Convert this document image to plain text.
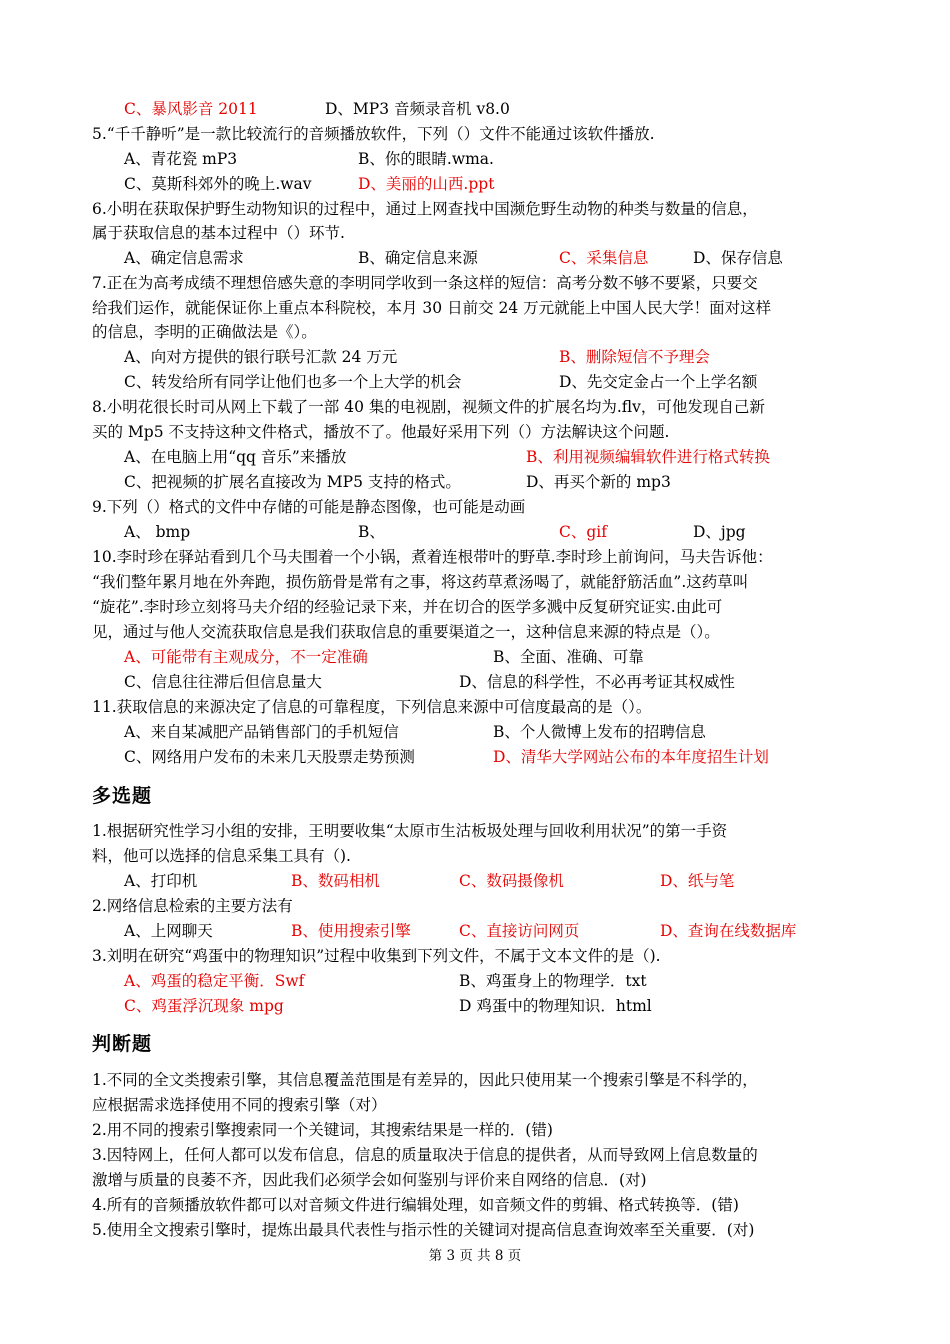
C、暴风影音 2011	D、MP3 音频录音机 v8.0
5.“千千静听”是一款比较流行的音频播放软件，下列（）文件不能通过该软件播放.
A、青花瓷 mP3	B、你的眼睛.wma.
C、莫斯科郊外的晚上.wav	D、美丽的山西.ppt
6.小明在获取保护野生动物知识的过程中，通过上网查找中国濒危野生动物的种类与数量的信息，
属于获取信息的基本过程中（）环节.
A、确定信息需求	B、确定信息来源	C、采集信息	D、保存信息
7.正在为高考成绩不理想倍感失意的李明同学收到一条这样的短信：高考分数不够不要紧，只要交
给我们运作，就能保证你上重点本科院校，本月 30 日前交 24 万元就能上中国人民大学！面对这样
的信息，李明的正确做法是《）。
A、向对方提供的银行联号汇款 24 万元	B、删除短信不予理会
C、转发给所有同学让他们也多一个上大学的机会	D、先交定金占一个上学名额
8.小明花很长时司从网上下载了一部 40 集的电视剧，视频文件的扩展名均为.flv，可他发现自己新
买的 Mp5 不支持这种文件格式，播放不了。他最好采用下列（）方法解诀这个问题.
A、在电脑上用“qq 音乐”来播放	B、利用视频编辑软件进行格式转换
C、把视频的扩展名直接改为 MP5 支持的格式。	D、再买个新的 mp3
9.下列（）格式的文件中存储的可能是静态图像，也可能是动画
A、 bmp	B、	C、gif	D、jpg
10.李时珍在驿站看到几个马夫围着一个小锅，煮着连根带叶的野草.李时珍上前询问，马夫告诉他：
“我们整年累月地在外奔跑，损伤筋骨是常有之事，将这药草煮汤喝了，就能舒筋活血”.这药草叫
“旋花”.李时珍立刻将马夫介绍的经验记录下来，并在切合的医学多溅中反复研究证实.由此可
见，通过与他人交流获取信息是我们获取信息的重要渠道之一，这种信息来源的特点是（）。
A、可能带有主观成分，不一定准确	B、全面、准确、可靠
C、信息往往滞后但信息量大	D、信息的科学性，不必再考证其权威性
11.获取信息的来源决定了信息的可靠程度，下列信息来源中可信度最高的是（）。
A、来自某减肥产品销售部门的手机短信	B、个人微博上发布的招聘信息
C、网络用户发布的未来几天股票走势预测	D、清华大学网站公布的本年度招生计划
多选题
1.根据研究性学习小组的安排，王明要收集“太原市生沽板圾处理与回收利用状况”的第一手资
料，他可以选择的信息采集工具有（).
A、打印机	B、数码相机	C、数码摄像机	D、纸与笔
2.网络信息检索的主要方法有
A、上网聊天	B、使用搜索引擎	C、直接访问网页	D、查询在线数据库
3.刘明在研究“鸡蛋中的物理知识”过程中收集到下列文件，不属于文本文件的是（).
A、鸡蛋的稳定平衡．Swf	B、鸡蛋身上的物理学．txt
C、鸡蛋浮沉现象 mpg	D 鸡蛋中的物理知识．html
判断题
1.不同的全文类搜索引擎，其信息覆盖范围是有差异的，因此只使用某一个搜索引擎是不科学的，
应根据需求选择使用不同的搜索引擎（对）
2.用不同的搜索引擎搜索同一个关键词，其搜索结果是一样的．(错)
3.因特网上，任何人都可以发布信息，信息的质量取决于信息的提供者，从而导致网上信息数量的
激增与质量的良萎不齐，因此我们必须学会如何鉴别与评价来自网络的信息．(对)
4.所有的音频播放软件都可以对音频文件进行编辑处理，如音频文件的剪辑、格式转换等．(错)
5.使用全文搜索引擎时，提炼出最具代表性与指示性的关键词对提高信息查询效率至关重要．(对)
第 3 页 共 8 页
